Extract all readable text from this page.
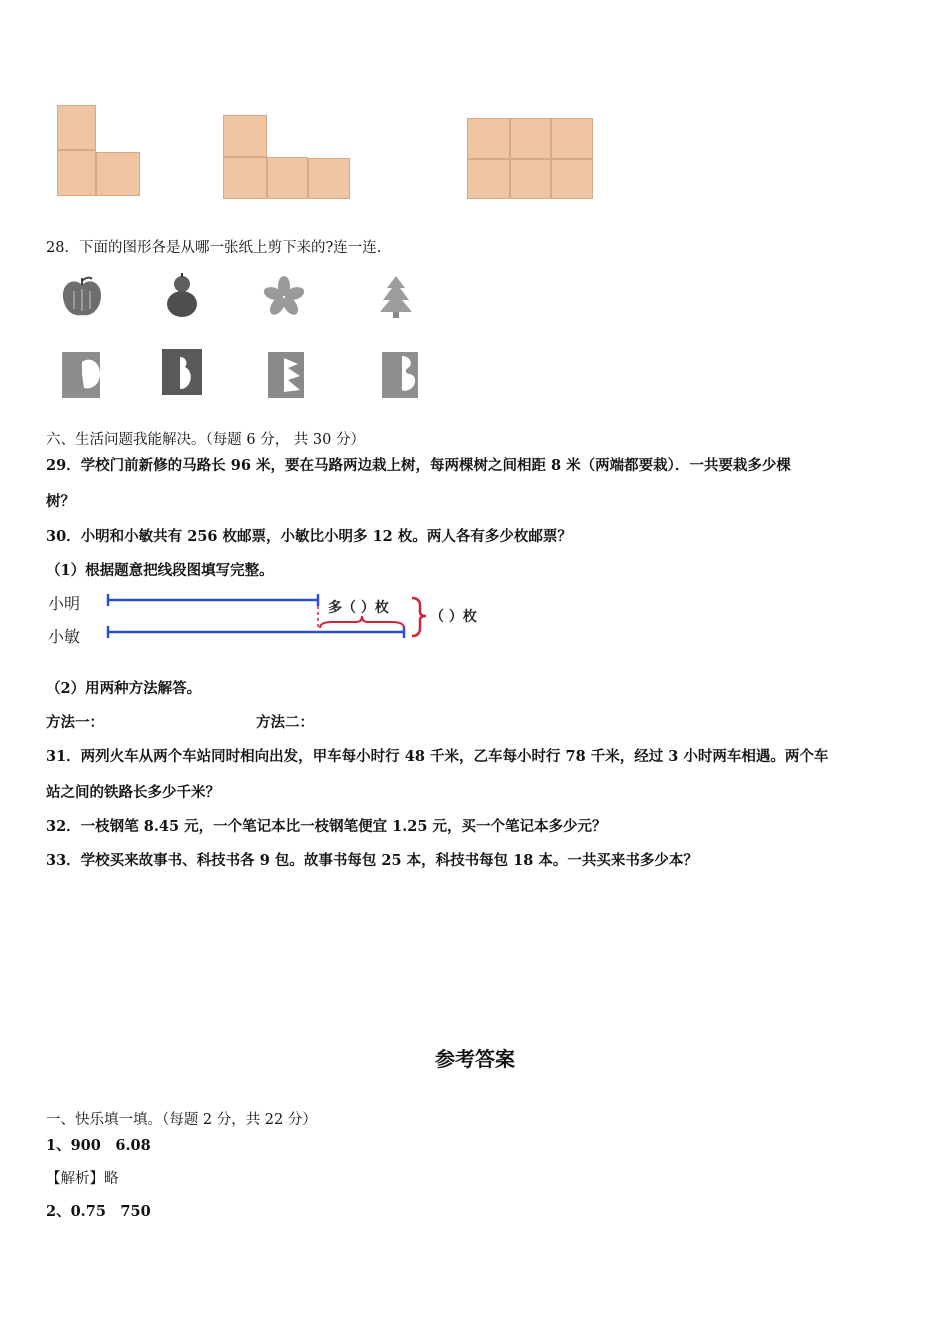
28．下面的图形各是从哪一张纸上剪下来的?连一连.
六、生活问题我能解决。（每题 6 分， 共 30 分）
29．学校门前新修的马路长 96 米，要在马路两边栽上树，每两棵树之间相距 8 米（两端都要栽）．一共要栽多少棵
树？
30．小明和小敏共有 256 枚邮票，小敏比小明多 12 枚。两人各有多少枚邮票？
（1）根据题意把线段图填写完整。
小明
小敏
多（ ）枚
（ ）枚
（2）用两种方法解答。
方法一：	方法二：
31．两列火车从两个车站同时相向出发，甲车每小时行 48 千米，乙车每小时行 78 千米，经过 3 小时两车相遇。两个车
站之间的铁路长多少千米？
32．一枝钢笔 8.45 元，一个笔记本比一枝钢笔便宜 1.25 元，买一个笔记本多少元？
33．学校买来故事书、科技书各 9 包。故事书每包 25 本，科技书每包 18 本。一共买来书多少本？
参考答案
一、快乐填一填。（每题 2 分，共 22 分）
1、900　6.08
【解析】略
2、0.75　750
